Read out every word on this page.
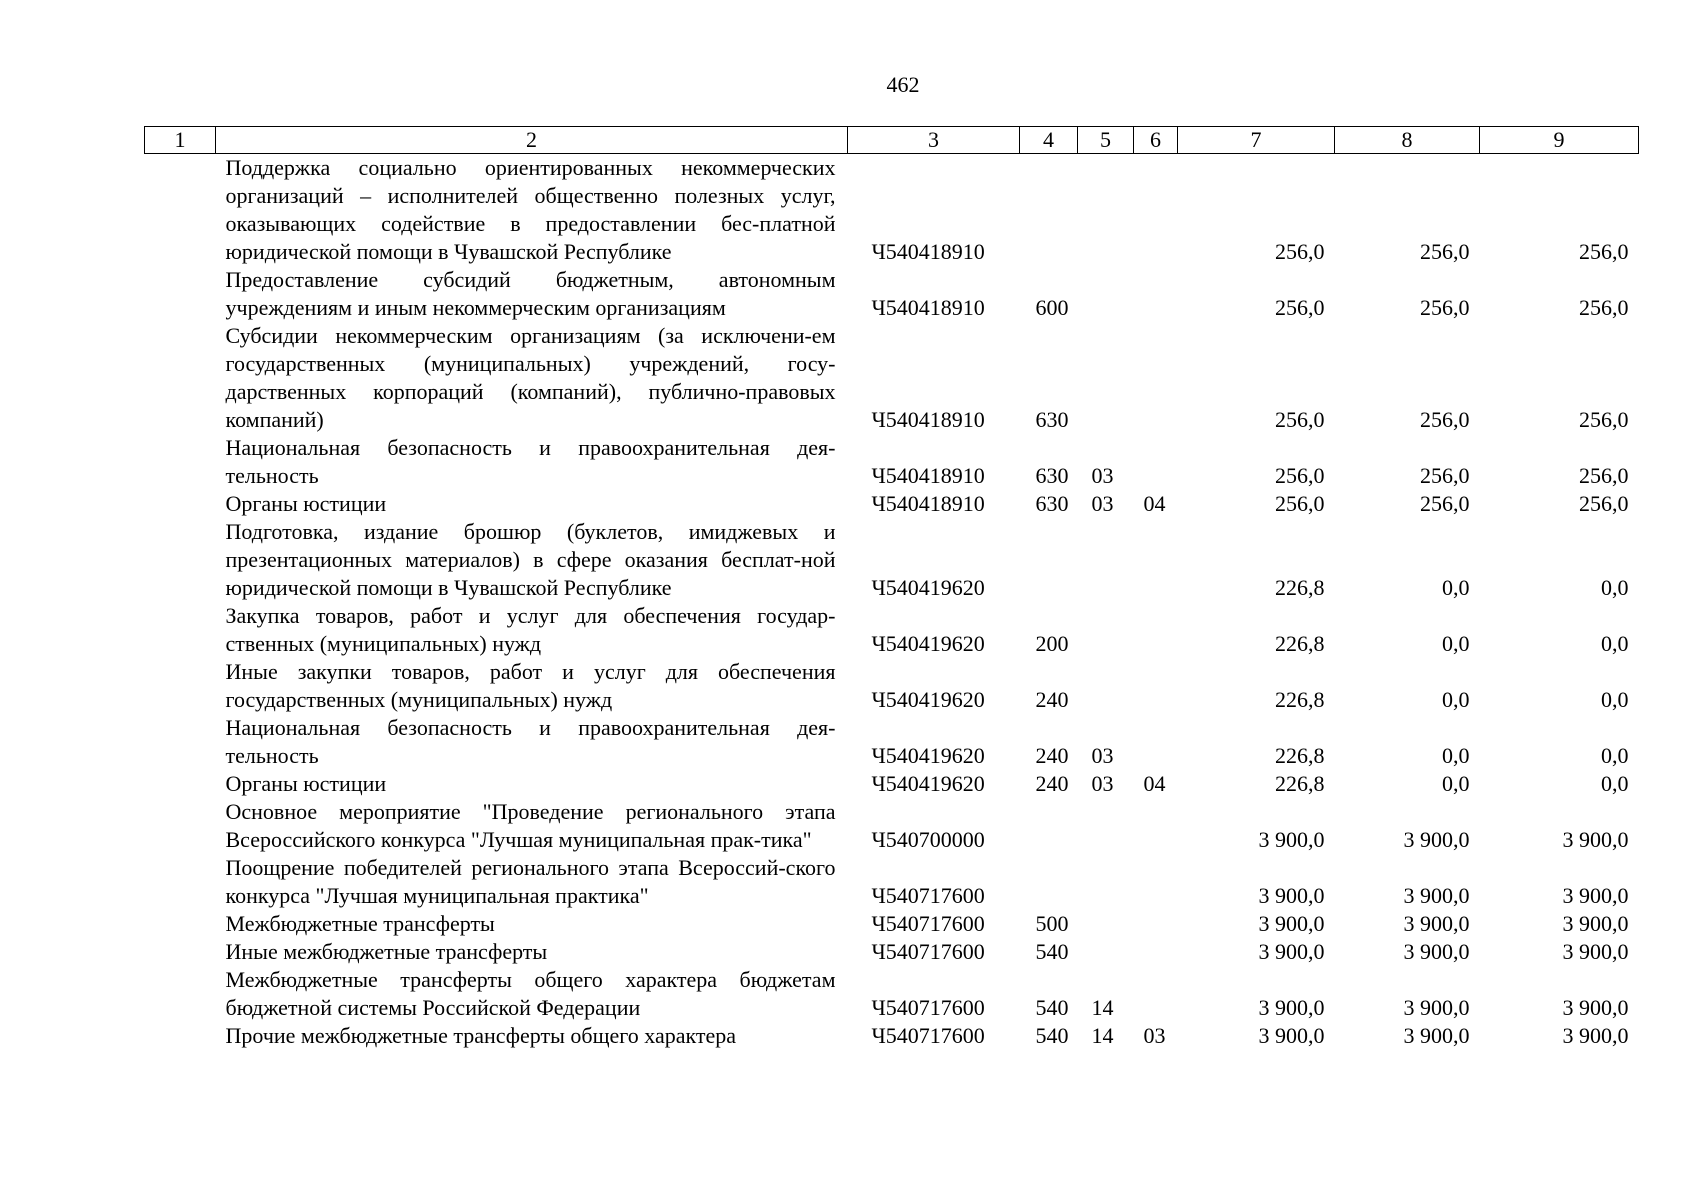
462
1	2	3	4	5	6	7	8	9
	Поддержка социально ориентированных некоммерческих организаций – исполнителей общественно полезных услуг, оказывающих содействие в предоставлении бес-платной юридической помощи в Чувашской Республике	Ч540418910				256,0	256,0	256,0
	Предоставление субсидий бюджетным, автономным учреждениям и иным некоммерческим организациям	Ч540418910	600			256,0	256,0	256,0
	Субсидии некоммерческим организациям (за исключени-ем государственных (муниципальных) учреждений, госу-дарственных корпораций (компаний), публично-правовых компаний)	Ч540418910	630			256,0	256,0	256,0
	Национальная безопасность и правоохранительная дея-тельность	Ч540418910	630	03		256,0	256,0	256,0
	Органы юстиции	Ч540418910	630	03	04	256,0	256,0	256,0
	Подготовка, издание брошюр (буклетов, имиджевых и презентационных материалов) в сфере оказания бесплат-ной юридической помощи в Чувашской Республике	Ч540419620				226,8	0,0	0,0
	Закупка товаров, работ и услуг для обеспечения государ-ственных (муниципальных) нужд	Ч540419620	200			226,8	0,0	0,0
	Иные закупки товаров, работ и услуг для обеспечения государственных (муниципальных) нужд	Ч540419620	240			226,8	0,0	0,0
	Национальная безопасность и правоохранительная дея-тельность	Ч540419620	240	03		226,8	0,0	0,0
	Органы юстиции	Ч540419620	240	03	04	226,8	0,0	0,0
	Основное мероприятие "Проведение регионального этапа Всероссийского конкурса "Лучшая муниципальная прак-тика"	Ч540700000				3 900,0	3 900,0	3 900,0
	Поощрение победителей регионального этапа Всероссий-ского конкурса "Лучшая муниципальная практика"	Ч540717600				3 900,0	3 900,0	3 900,0
	Межбюджетные трансферты	Ч540717600	500			3 900,0	3 900,0	3 900,0
	Иные межбюджетные трансферты	Ч540717600	540			3 900,0	3 900,0	3 900,0
	Межбюджетные трансферты общего характера бюджетам бюджетной системы Российской Федерации	Ч540717600	540	14		3 900,0	3 900,0	3 900,0
	Прочие межбюджетные трансферты общего характера	Ч540717600	540	14	03	3 900,0	3 900,0	3 900,0
